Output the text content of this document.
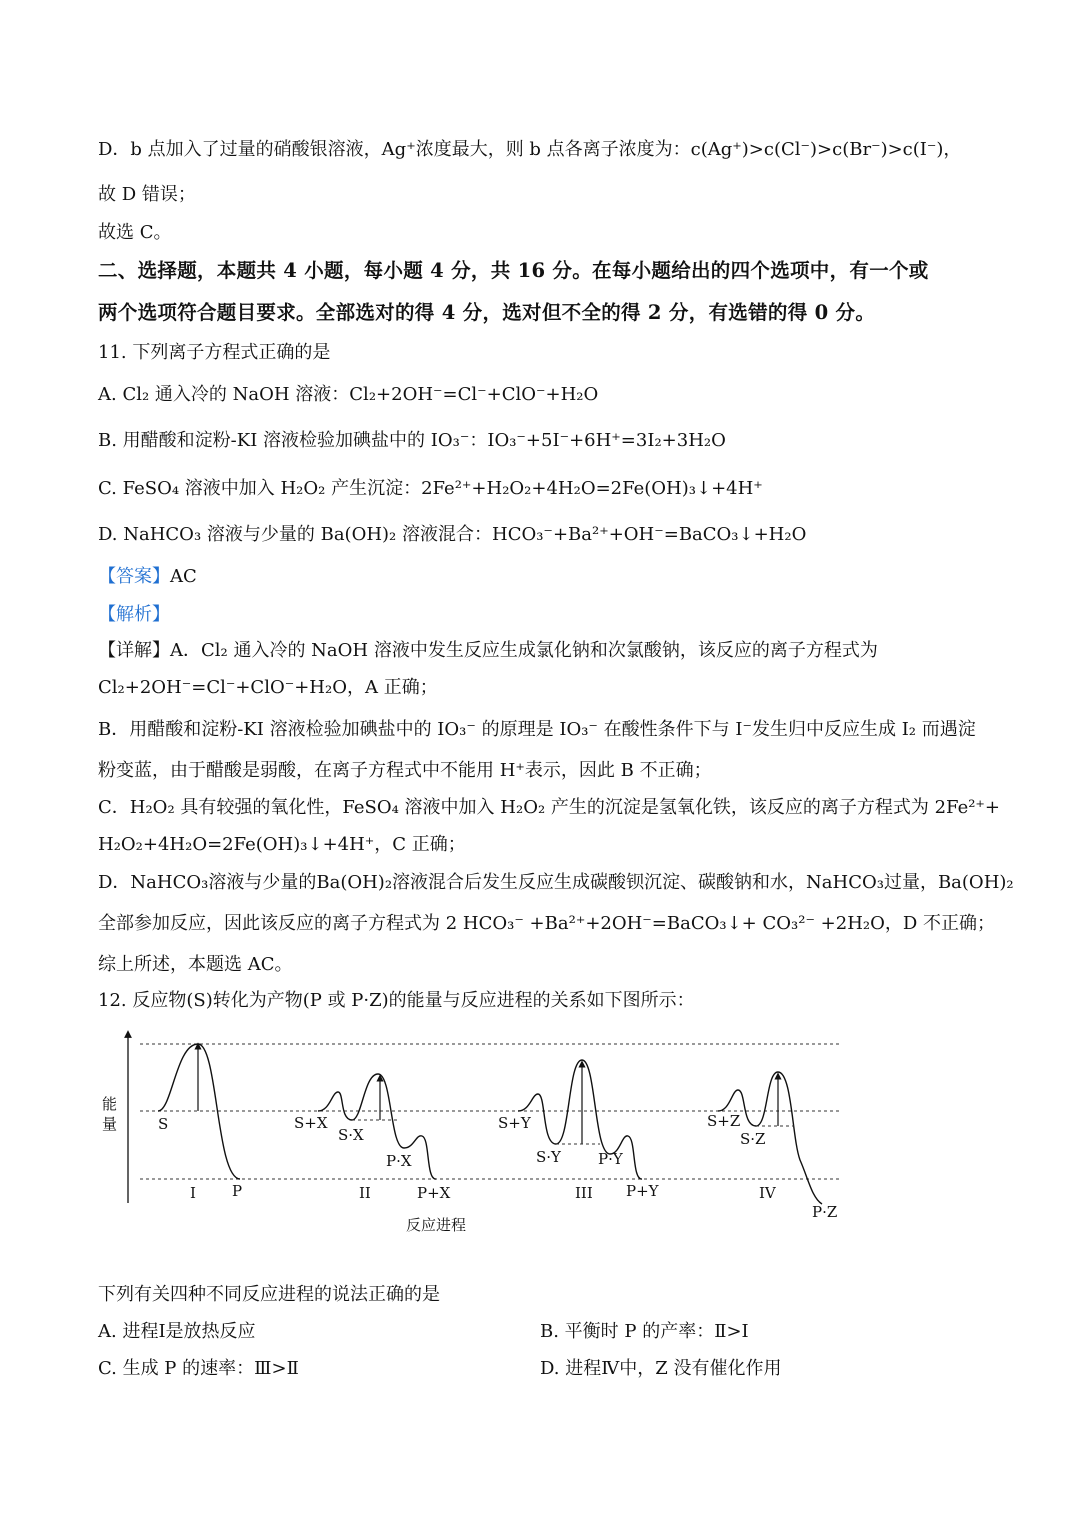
D．b 点加入了过量的硝酸银溶液，Ag⁺浓度最大，则 b 点各离子浓度为：c(Ag⁺)>c(Cl⁻)>c(Br⁻)>c(I⁻)，
故 D 错误；
故选 C。
二、选择题，本题共 4 小题，每小题 4 分，共 16 分。在每小题给出的四个选项中，有一个或
两个选项符合题目要求。全部选对的得 4 分，选对但不全的得 2 分，有选错的得 0 分。
11. 下列离子方程式正确的是
A. Cl₂ 通入冷的 NaOH 溶液：Cl₂+2OH⁻=Cl⁻+ClO⁻+H₂O
B. 用醋酸和淀粉-KI 溶液检验加碘盐中的 IO₃⁻：IO₃⁻+5I⁻+6H⁺=3I₂+3H₂O
C. FeSO₄ 溶液中加入 H₂O₂ 产生沉淀：2Fe²⁺+H₂O₂+4H₂O=2Fe(OH)₃↓+4H⁺
D. NaHCO₃ 溶液与少量的 Ba(OH)₂ 溶液混合：HCO₃⁻+Ba²⁺+OH⁻=BaCO₃↓+H₂O
【答案】AC
【解析】
【详解】A．Cl₂ 通入冷的 NaOH 溶液中发生反应生成氯化钠和次氯酸钠，该反应的离子方程式为
Cl₂+2OH⁻=Cl⁻+ClO⁻+H₂O，A 正确；
B．用醋酸和淀粉-KI 溶液检验加碘盐中的 IO₃⁻ 的原理是 IO₃⁻ 在酸性条件下与 I⁻发生归中反应生成 I₂ 而遇淀
粉变蓝，由于醋酸是弱酸，在离子方程式中不能用 H⁺表示，因此 B 不正确；
C．H₂O₂ 具有较强的氧化性，FeSO₄ 溶液中加入 H₂O₂ 产生的沉淀是氢氧化铁，该反应的离子方程式为 2Fe²⁺+
H₂O₂+4H₂O=2Fe(OH)₃↓+4H⁺，C 正确；
D．NaHCO₃溶液与少量的Ba(OH)₂溶液混合后发生反应生成碳酸钡沉淀、碳酸钠和水，NaHCO₃过量，Ba(OH)₂
全部参加反应，因此该反应的离子方程式为 2 HCO₃⁻ +Ba²⁺+2OH⁻=BaCO₃↓+ CO₃²⁻ +2H₂O，D 不正确；
综上所述，本题选 AC。
12. 反应物(S)转化为产物(P 或 P·Z)的能量与反应进程的关系如下图所示：
能
量	S
I P
S+X
S·X
P·X
II	P+X
S+Y
S·Y P·Y
III P+Y
S+Z
S·Z
IV
P·Z
反应进程
下列有关四种不同反应进程的说法正确的是
A. 进程Ⅰ是放热反应	B. 平衡时 P 的产率：Ⅱ>Ⅰ
C. 生成 P 的速率：Ⅲ>Ⅱ	D. 进程Ⅳ中，Z 没有催化作用
